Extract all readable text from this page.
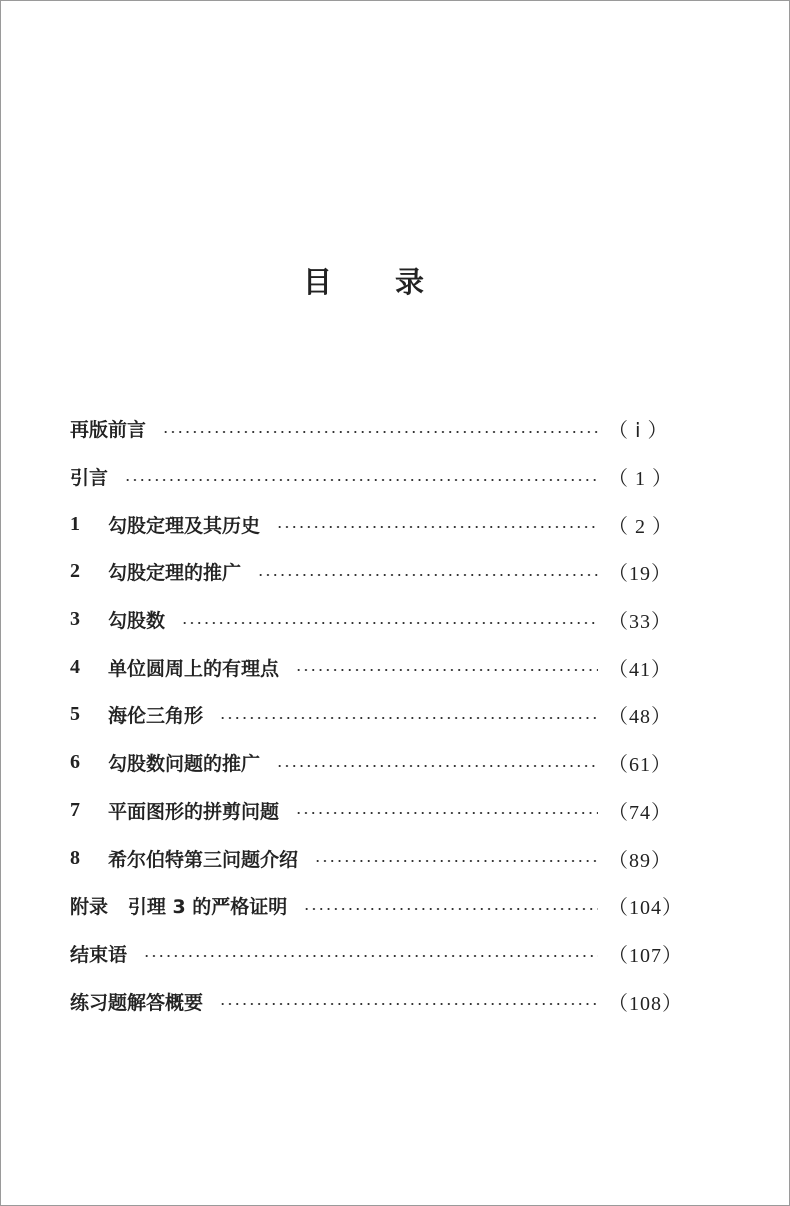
目 录
再版前言	（ ⅰ ）
引言	（ 1 ）
1	勾股定理及其历史	（ 2 ）
2	勾股定理的推广	（19）
3	勾股数	（33）
4	单位圆周上的有理点	（41）
5	海伦三角形	（48）
6	勾股数问题的推广	（61）
7	平面图形的拼剪问题	（74）
8	希尔伯特第三问题介绍	（89）
附录   引理 3 的严格证明	（104）
结束语	（107）
练习题解答概要	（108）
